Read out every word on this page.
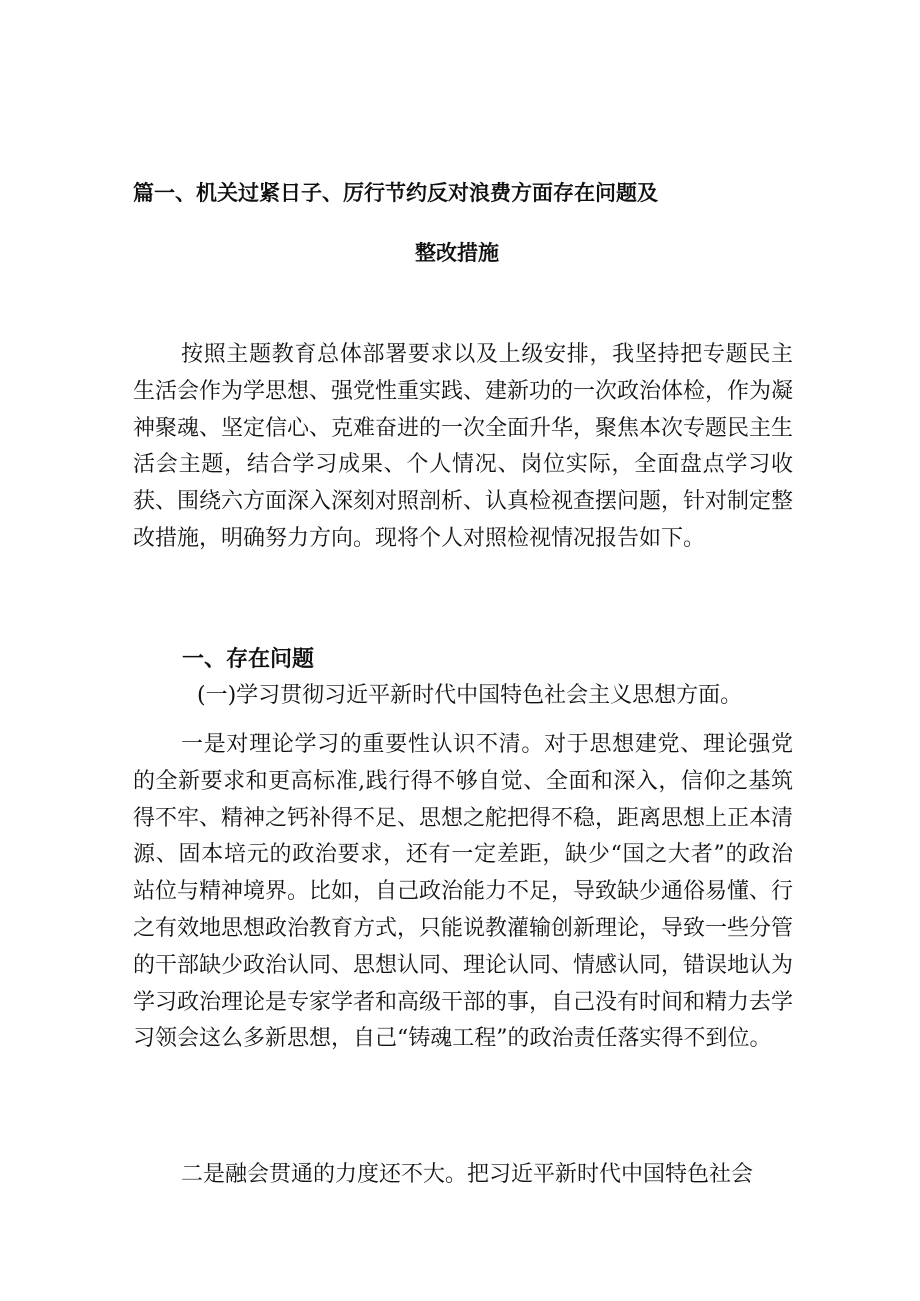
篇一、机关过紧日子、厉行节约反对浪费方面存在问题及
整改措施
按照主题教育总体部署要求以及上级安排，我坚持把专题民主生活会作为学思想、强党性重实践、建新功的一次政治体检，作为凝神聚魂、坚定信心、克难奋进的一次全面升华，聚焦本次专题民主生活会主题，结合学习成果、个人情况、岗位实际，全面盘点学习收获、围绕六方面深入深刻对照剖析、认真检视查摆问题，针对制定整改措施，明确努力方向。现将个人对照检视情况报告如下。
一、存在问题
(一)学习贯彻习近平新时代中国特色社会主义思想方面。
一是对理论学习的重要性认识不清。对于思想建党、理论强党的全新要求和更高标准,践行得不够自觉、全面和深入，信仰之基筑得不牢、精神之钙补得不足、思想之舵把得不稳，距离思想上正本清源、固本培元的政治要求，还有一定差距，缺少“国之大者”的政治站位与精神境界。比如，自己政治能力不足，导致缺少通俗易懂、行之有效地思想政治教育方式，只能说教灌输创新理论，导致一些分管的干部缺少政治认同、思想认同、理论认同、情感认同，错误地认为学习政治理论是专家学者和高级干部的事，自己没有时间和精力去学习领会这么多新思想，自己“铸魂工程”的政治责任落实得不到位。
二是融会贯通的力度还不大。把习近平新时代中国特色社会
